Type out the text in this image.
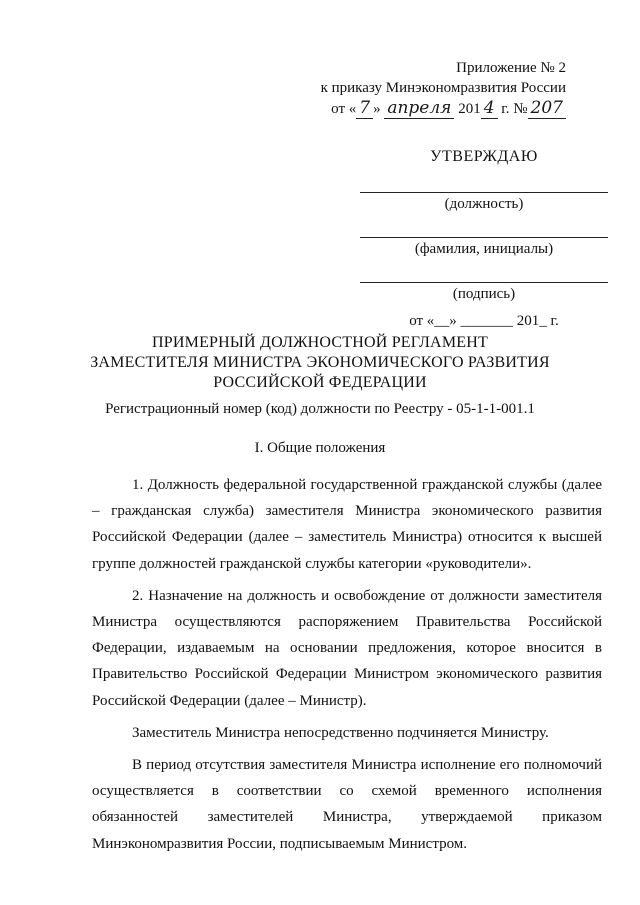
Приложение № 2
к приказу Минэкономразвития России
от « 7 » апреля 201 4 г. № 207
УТВЕРЖДАЮ
(должность)
(фамилия, инициалы)
(подпись)
от «__» _______ 201_ г.
ПРИМЕРНЫЙ ДОЛЖНОСТНОЙ РЕГЛАМЕНТ
ЗАМЕСТИТЕЛЯ МИНИСТРА ЭКОНОМИЧЕСКОГО РАЗВИТИЯ
РОССИЙСКОЙ ФЕДЕРАЦИИ
Регистрационный номер (код) должности по Реестру - 05-1-1-001.1
I. Общие положения

1. Должность федеральной государственной гражданской службы (далее – гражданская служба) заместителя Министра экономического развития Российской Федерации (далее – заместитель Министра) относится к высшей группе должностей гражданской службы категории «руководители».

2. Назначение на должность и освобождение от должности заместителя Министра осуществляются распоряжением Правительства Российской Федерации, издаваемым на основании предложения, которое вносится в Правительство Российской Федерации Министром экономического развития Российской Федерации (далее – Министр).

Заместитель Министра непосредственно подчиняется Министру.

В период отсутствия заместителя Министра исполнение его полномочий осуществляется в соответствии со схемой временного исполнения обязанностей заместителей Министра, утверждаемой приказом Минэкономразвития России, подписываемым Министром.
